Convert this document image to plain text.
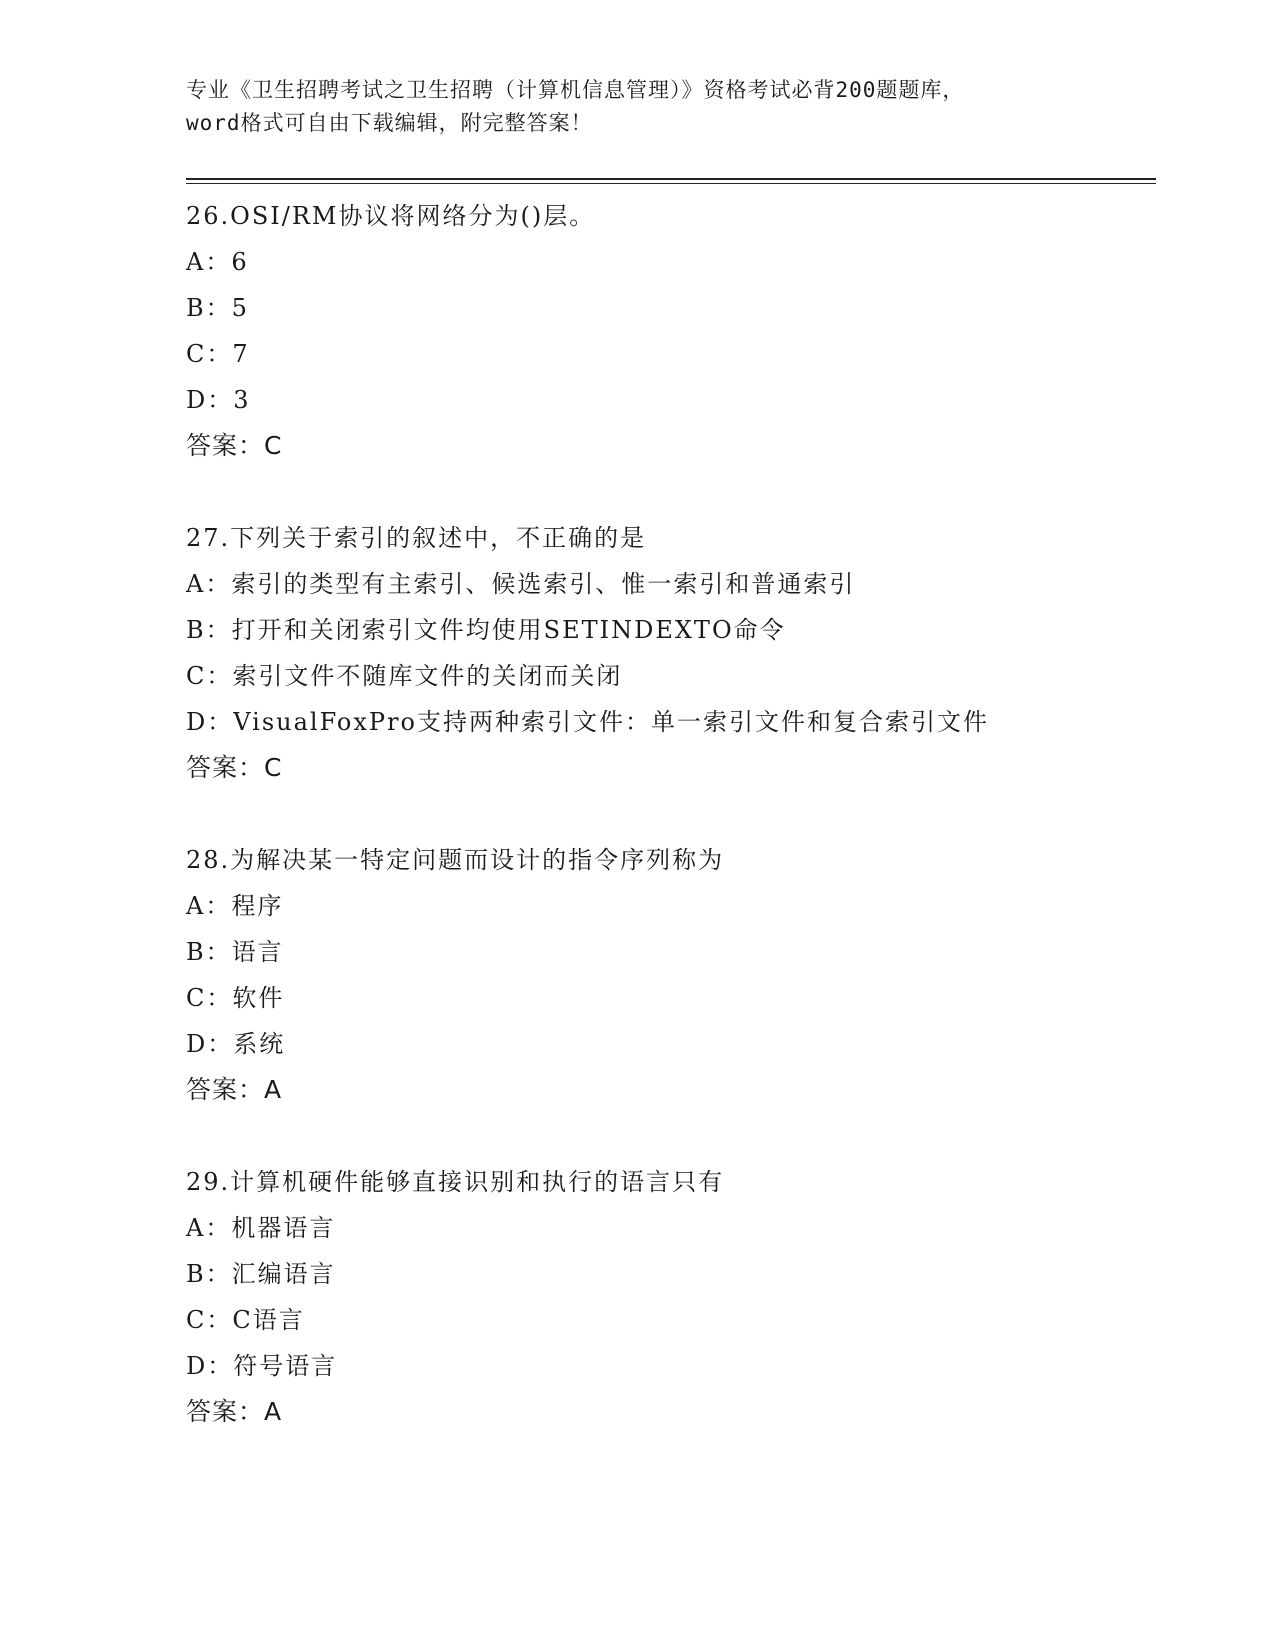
专业《卫生招聘考试之卫生招聘（计算机信息管理）》资格考试必背200题题库，
word格式可自由下载编辑，附完整答案！
26.OSI/RM协议将网络分为()层。
A：6
B：5
C：7
D：3
答案：C
27.下列关于索引的叙述中，不正确的是
A：索引的类型有主索引、候选索引、惟一索引和普通索引
B：打开和关闭索引文件均使用SETINDEXTO命令
C：索引文件不随库文件的关闭而关闭
D：VisualFoxPro支持两种索引文件：单一索引文件和复合索引文件
答案：C
28.为解决某一特定问题而设计的指令序列称为
A：程序
B：语言
C：软件
D：系统
答案：A
29.计算机硬件能够直接识别和执行的语言只有
A：机器语言
B：汇编语言
C：C语言
D：符号语言
答案：A
